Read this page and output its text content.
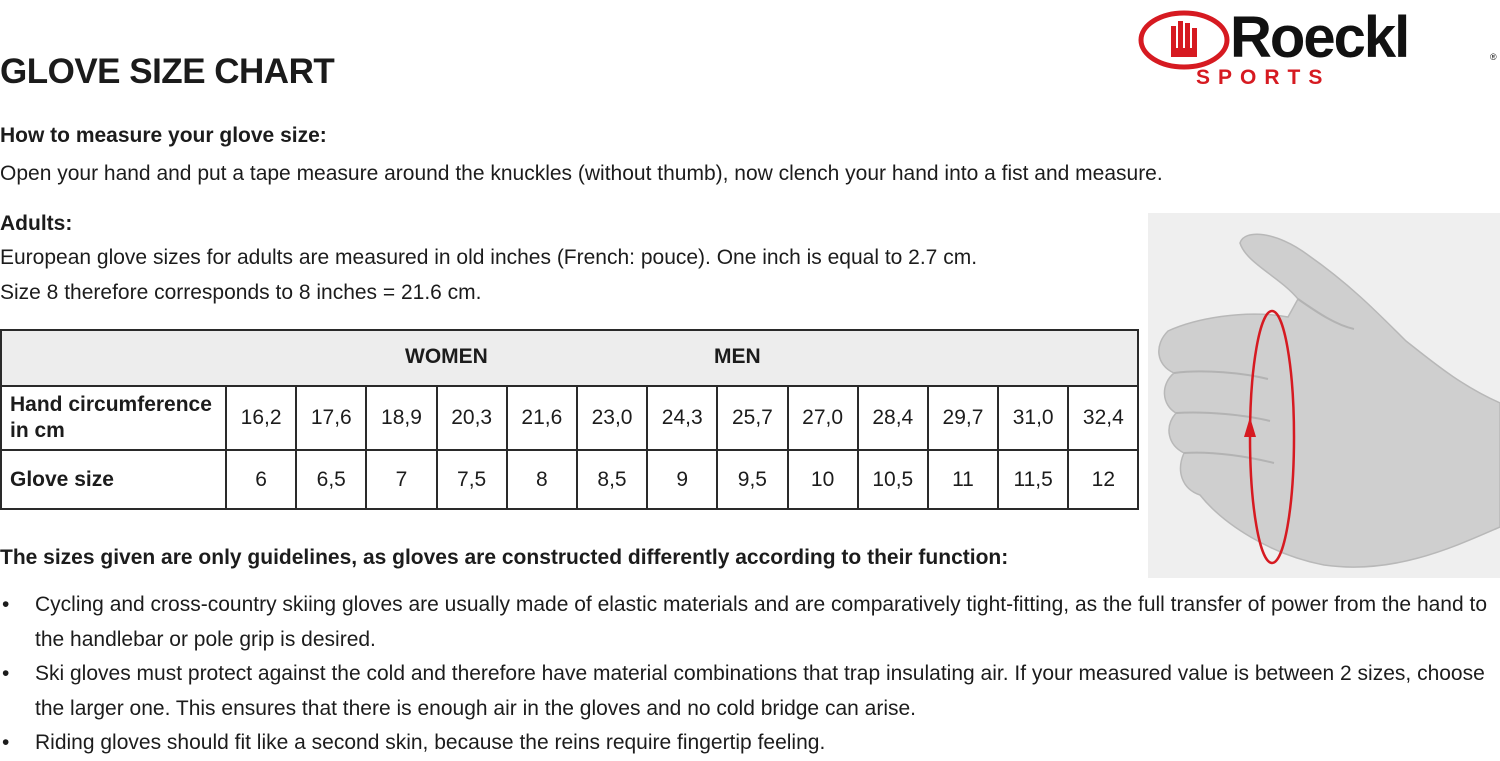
GLOVE SIZE CHART
Roeckl	®
SPORTS
How to measure your glove size:

Open your hand and put a tape measure around the knuckles (without thumb), now clench your hand into a fist and measure.

Adults:

European glove sizes for adults are measured in old inches (French: pouce). One inch is equal to 2.7 cm.

Size 8 therefore corresponds to 8 inches = 21.6 cm.

WOMEN MEN													

Hand circumference in cm	16,2	17,6	18,9	20,3	21,6	23,0	24,3	25,7	27,0	28,4	29,7	31,0	32,4
Glove size	6	6,5	7	7,5	8	8,5	9	9,5	10	10,5	11	11,5	12
The sizes given are only guidelines, as gloves are constructed differently according to their function:
• Cycling and cross-country skiing gloves are usually made of elastic materials and are comparatively tight-fitting, as the full transfer of power from the hand to the handlebar or pole grip is desired.
• Ski gloves must protect against the cold and therefore have material combinations that trap insulating air. If your measured value is between 2 sizes, choose the larger one. This ensures that there is enough air in the gloves and no cold bridge can arise.
• Riding gloves should fit like a second skin, because the reins require fingertip feeling.
